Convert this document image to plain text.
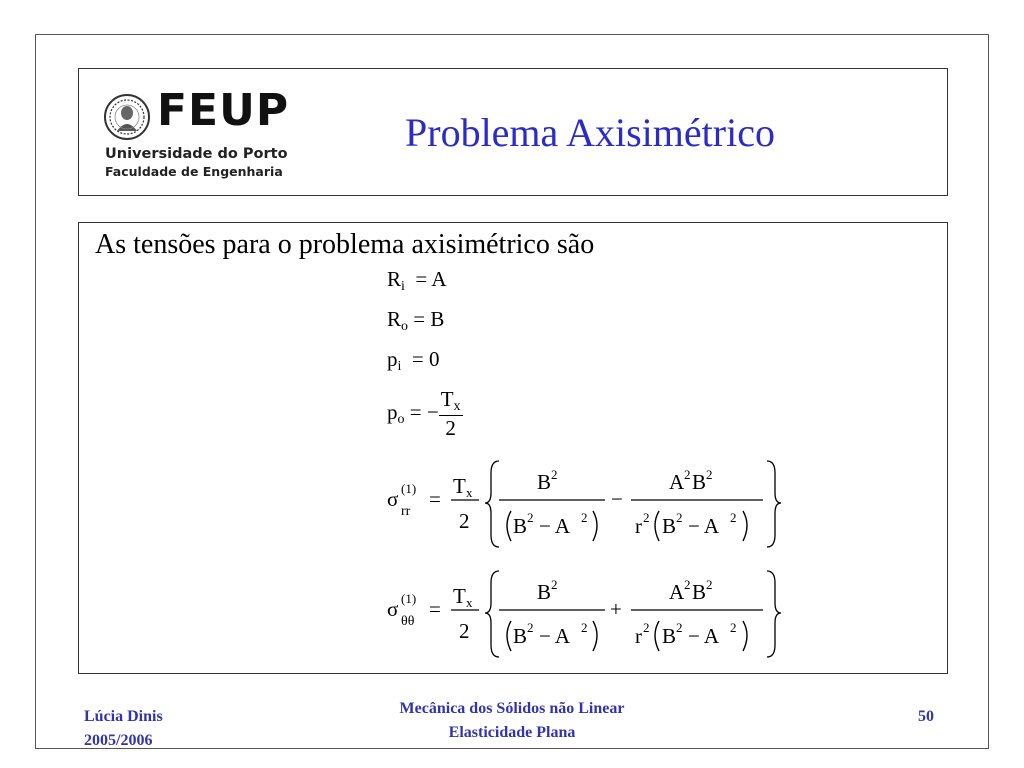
FEUP
Universidade do Porto
Faculdade de Engenharia
Problema Axisimétrico
As tensões para o problema axisimétrico são
$R_i = A$
$R_o = B$
$p_i = 0$
$p_o$ = − $\frac{T_x}{2}$
σ (1)
rr
=
T x
2
B 2
B 2 − A 2
−
A 2 B 2
r 2 B 2 − A 2
σ (1)
θθ
=
T x
2
B 2
B 2 − A 2
+
A 2 B 2
r 2 B 2 − A 2
Lúcia Dinis
2005/2006
Mecânica dos Sólidos não Linear
Elasticidade Plana
50
